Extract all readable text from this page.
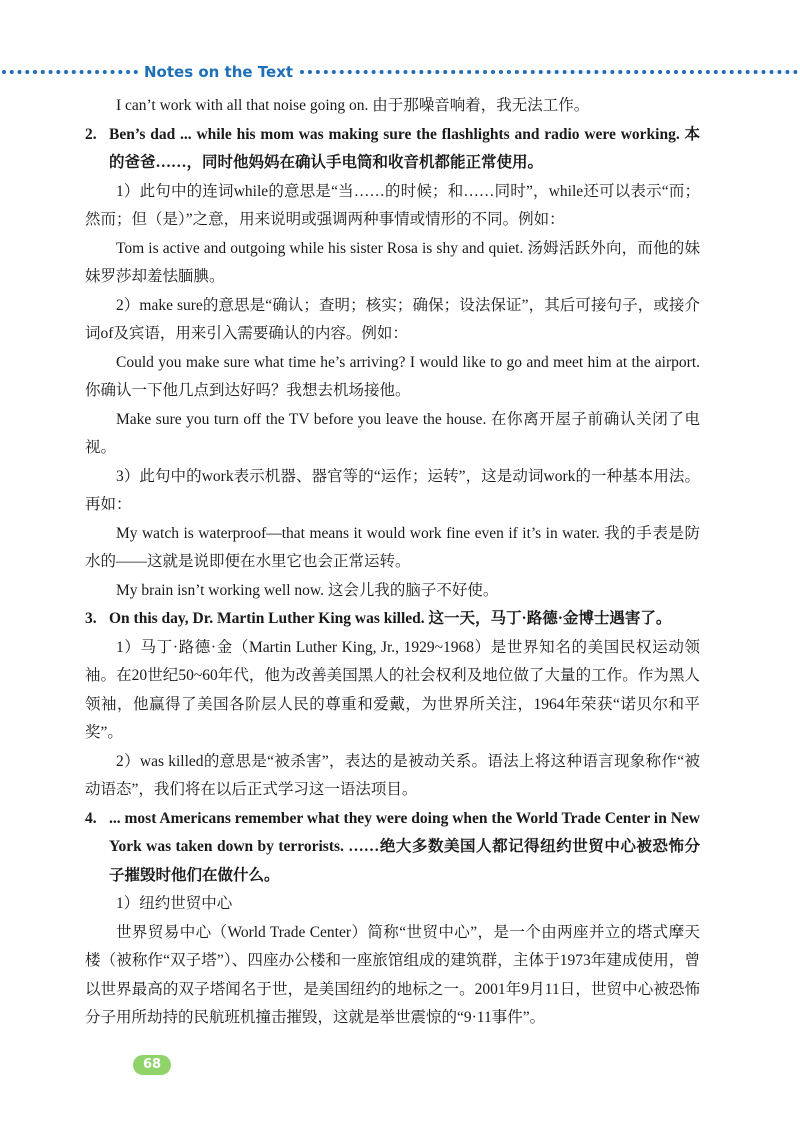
Notes on the Text

I can’t work with all that noise going on. 由于那噪音响着，我无法工作。

2. Ben’s dad ... while his mom was making sure the flashlights and radio were working. 本的爸爸……，同时他妈妈在确认手电筒和收音机都能正常使用。

1）此句中的连词while的意思是“当……的时候；和……同时”，while还可以表示“而；然而；但（是）”之意，用来说明或强调两种事情或情形的不同。例如：

Tom is active and outgoing while his sister Rosa is shy and quiet. 汤姆活跃外向，而他的妹妹罗莎却羞怯腼腆。

2）make sure的意思是“确认；查明；核实；确保；设法保证”，其后可接句子，或接介词of及宾语，用来引入需要确认的内容。例如：

Could you make sure what time he’s arriving? I would like to go and meet him at the airport. 你确认一下他几点到达好吗？我想去机场接他。

Make sure you turn off the TV before you leave the house. 在你离开屋子前确认关闭了电视。

3）此句中的work表示机器、器官等的“运作；运转”，这是动词work的一种基本用法。再如：

My watch is waterproof—that means it would work fine even if it’s in water. 我的手表是防水的——这就是说即便在水里它也会正常运转。

My brain isn’t working well now. 这会儿我的脑子不好使。

3. On this day, Dr. Martin Luther King was killed. 这一天，马丁·路德·金博士遇害了。

1）马丁·路德·金（Martin Luther King, Jr., 1929~1968）是世界知名的美国民权运动领袖。在20世纪50~60年代，他为改善美国黑人的社会权利及地位做了大量的工作。作为黑人领袖，他赢得了美国各阶层人民的尊重和爱戴，为世界所关注，1964年荣获“诺贝尔和平奖”。

2）was killed的意思是“被杀害”，表达的是被动关系。语法上将这种语言现象称作“被动语态”，我们将在以后正式学习这一语法项目。

4. ... most Americans remember what they were doing when the World Trade Center in New York was taken down by terrorists. ……绝大多数美国人都记得纽约世贸中心被恐怖分子摧毁时他们在做什么。

1）纽约世贸中心

世界贸易中心（World Trade Center）简称“世贸中心”，是一个由两座并立的塔式摩天楼（被称作“双子塔”）、四座办公楼和一座旅馆组成的建筑群，主体于1973年建成使用，曾以世界最高的双子塔闻名于世，是美国纽约的地标之一。2001年9月11日，世贸中心被恐怖分子用所劫持的民航班机撞击摧毁，这就是举世震惊的“9·11事件”。

68
